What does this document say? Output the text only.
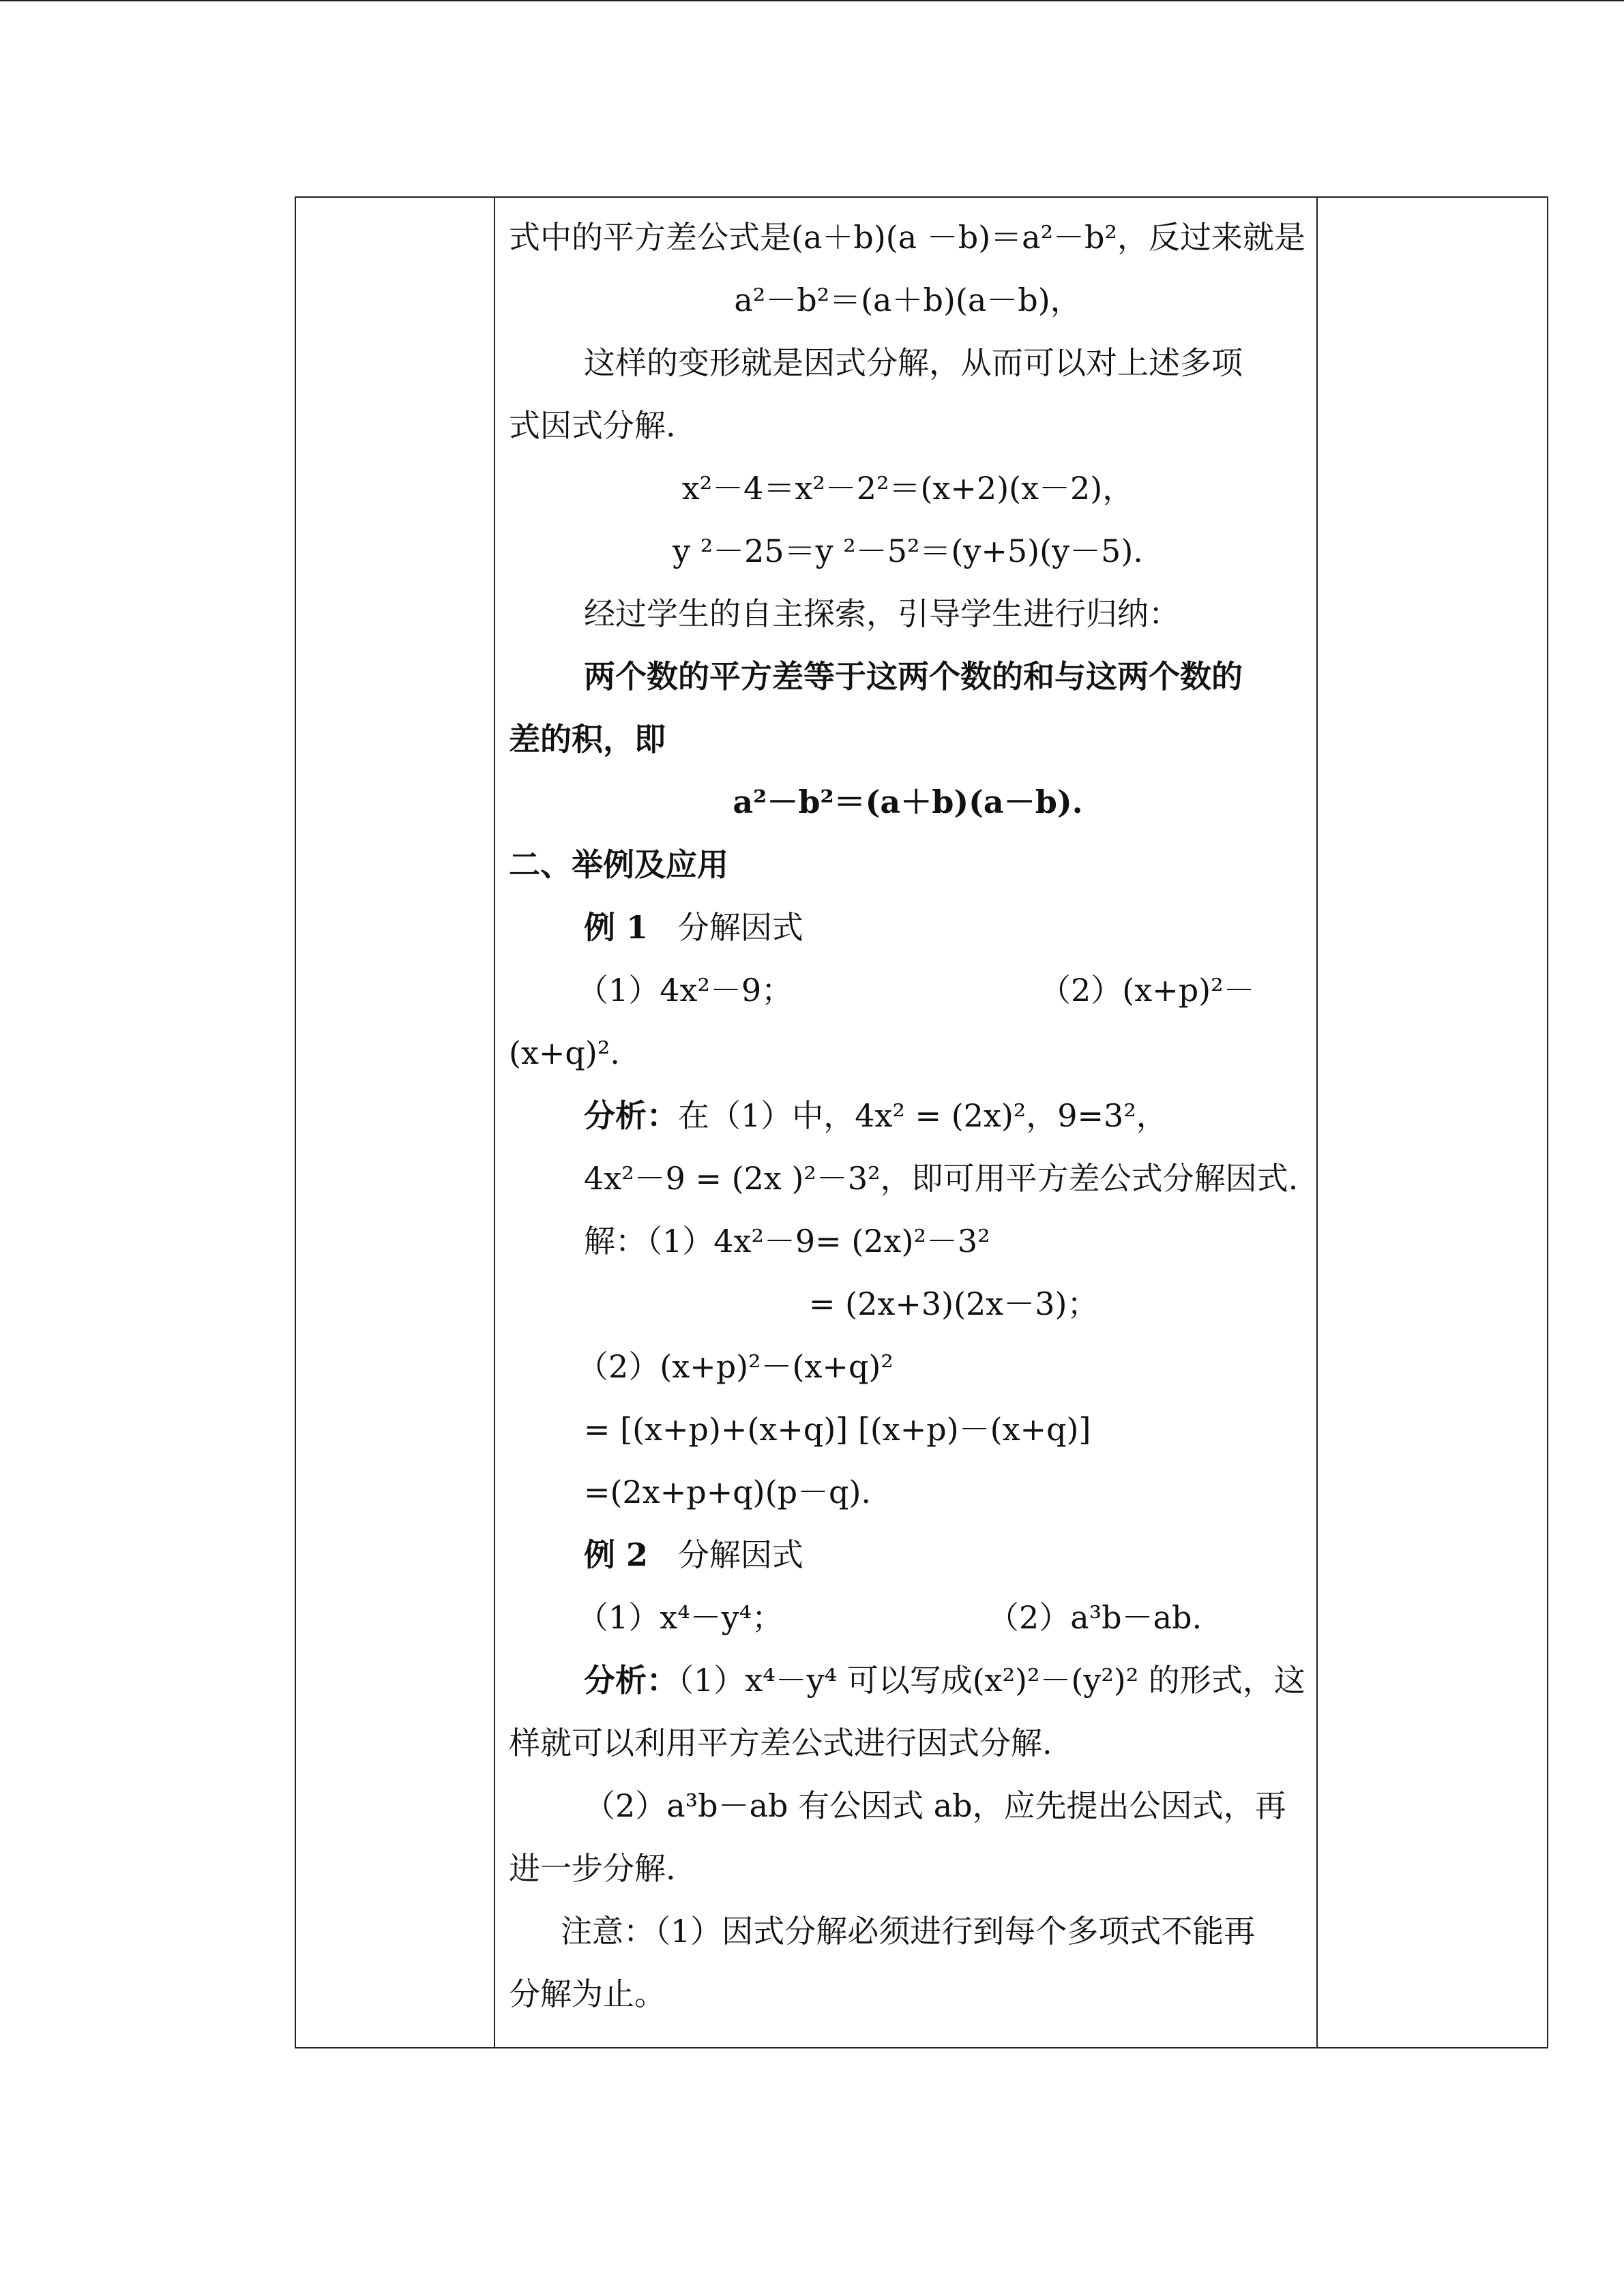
式中的平方差公式是(a＋b)(a －b)＝a²－b²，反过来就是
a²－b²＝(a＋b)(a－b)，
这样的变形就是因式分解，从而可以对上述多项
式因式分解.
x²－4＝x²－2²＝(x+2)(x－2)，
y ²－25＝y ²－5²＝(y+5)(y－5).
经过学生的自主探索，引导学生进行归纳：
两个数的平方差等于这两个数的和与这两个数的
差的积，即
a²－b²＝(a＋b)(a－b).
二、举例及应用
例 1 分解因式
（1）4x²－9；	（2）(x+p)²－
(x+q)².
分析：在（1）中，4x² = (2x)²，9=3²，
4x²－9 = (2x )²－3²，即可用平方差公式分解因式.
解：（1）4x²－9= (2x)²－3²
= (2x+3)(2x－3)；
（2）(x+p)²－(x+q)²
= [(x+p)+(x+q)] [(x+p)－(x+q)]
=(2x+p+q)(p－q).
例 2 分解因式
（1）x⁴－y⁴；	（2）a³b－ab.
分析：（1）x⁴－y⁴ 可以写成(x²)²－(y²)² 的形式，这
样就可以利用平方差公式进行因式分解.
（2）a³b－ab 有公因式 ab，应先提出公因式，再
进一步分解.
注意：（1）因式分解必须进行到每个多项式不能再
分解为止。
